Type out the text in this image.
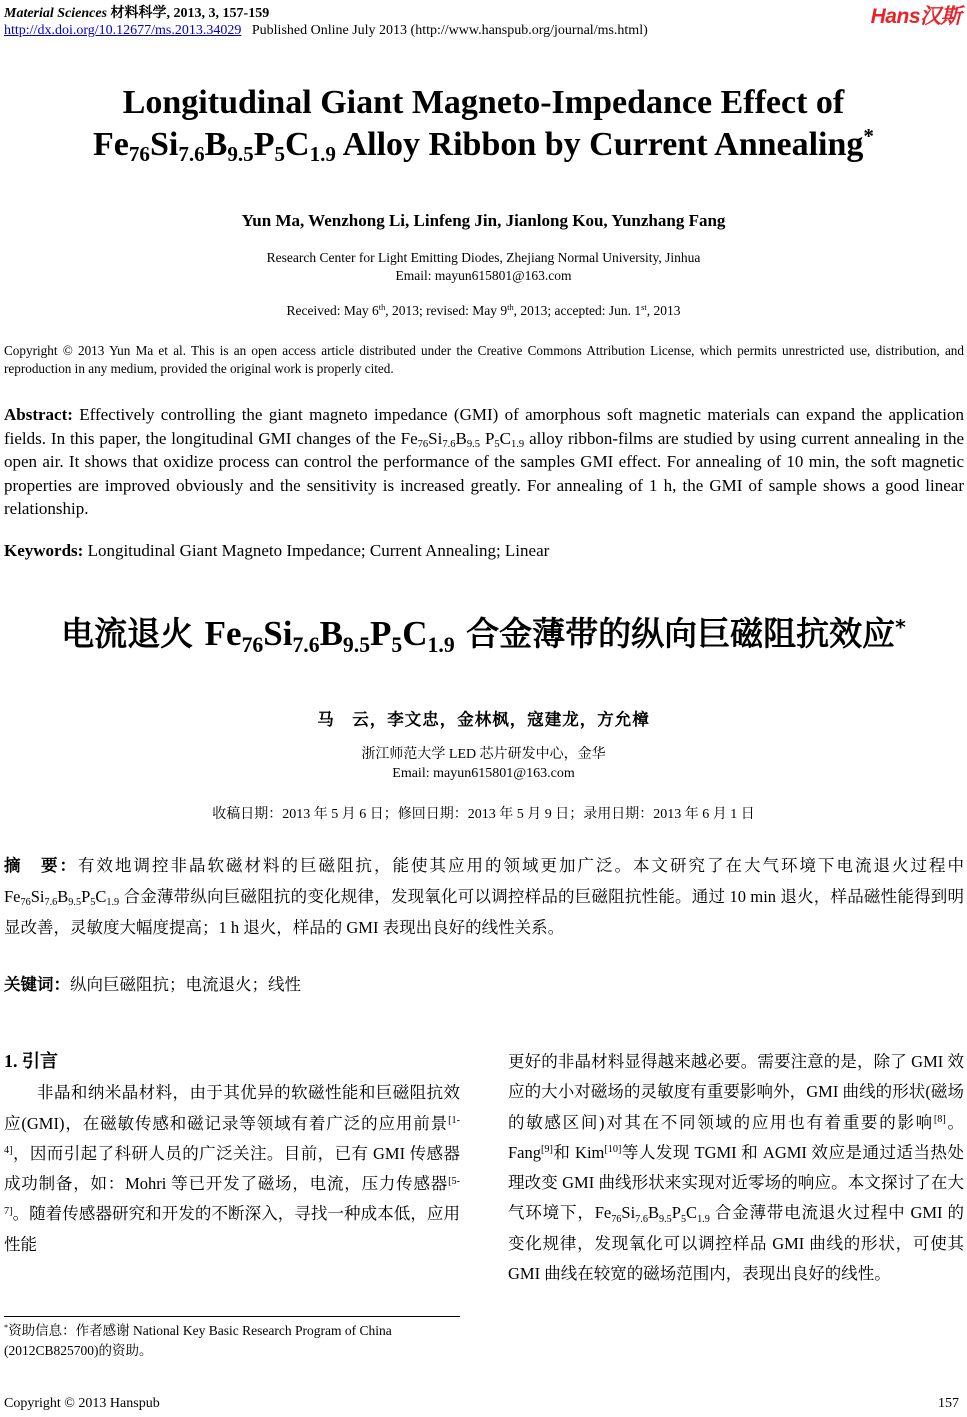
Material Sciences 材料科学, 2013, 3, 157-159
http://dx.doi.org/10.12677/ms.2013.34029 Published Online July 2013 (http://www.hanspub.org/journal/ms.html)
Hans汉斯
Longitudinal Giant Magneto-Impedance Effect of
Fe76Si7.6B9.5P5C1.9 Alloy Ribbon by Current Annealing*
Yun Ma, Wenzhong Li, Linfeng Jin, Jianlong Kou, Yunzhang Fang
Research Center for Light Emitting Diodes, Zhejiang Normal University, Jinhua
Email: mayun615801@163.com
Received: May 6th, 2013; revised: May 9th, 2013; accepted: Jun. 1st, 2013
Copyright © 2013 Yun Ma et al. This is an open access article distributed under the Creative Commons Attribution License, which permits unrestricted use, distribution, and reproduction in any medium, provided the original work is properly cited.
Abstract: Effectively controlling the giant magneto impedance (GMI) of amorphous soft magnetic materials can expand the application fields. In this paper, the longitudinal GMI changes of the Fe76Si7.6B9.5 P5C1.9 alloy ribbon-films are studied by using current annealing in the open air. It shows that oxidize process can control the performance of the samples GMI effect. For annealing of 10 min, the soft magnetic properties are improved obviously and the sensitivity is increased greatly. For annealing of 1 h, the GMI of sample shows a good linear relationship.
Keywords: Longitudinal Giant Magneto Impedance; Current Annealing; Linear
电流退火 Fe76Si7.6B9.5P5C1.9 合金薄带的纵向巨磁阻抗效应*
马　云，李文忠，金林枫，寇建龙，方允樟
浙江师范大学 LED 芯片研发中心，金华
Email: mayun615801@163.com
收稿日期：2013 年 5 月 6 日；修回日期：2013 年 5 月 9 日；录用日期：2013 年 6 月 1 日
摘　要：有效地调控非晶软磁材料的巨磁阻抗，能使其应用的领域更加广泛。本文研究了在大气环境下电流退火过程中 Fe76Si7.6B9.5P5C1.9 合金薄带纵向巨磁阻抗的变化规律，发现氧化可以调控样品的巨磁阻抗性能。通过 10 min 退火，样品磁性能得到明显改善，灵敏度大幅度提高；1 h 退火，样品的 GMI 表现出良好的线性关系。
关键词：纵向巨磁阻抗；电流退火；线性
1. 引言
非晶和纳米晶材料，由于其优异的软磁性能和巨磁阻抗效应(GMI)，在磁敏传感和磁记录等领域有着广泛的应用前景[1-4]，因而引起了科研人员的广泛关注。目前，已有 GMI 传感器成功制备，如：Mohri 等已开发了磁场，电流，压力传感器[5-7]。随着传感器研究和开发的不断深入，寻找一种成本低，应用性能
更好的非晶材料显得越来越必要。需要注意的是，除了 GMI 效应的大小对磁场的灵敏度有重要影响外，GMI 曲线的形状(磁场的敏感区间)对其在不同领域的应用也有着重要的影响[8]。Fang[9]和 Kim[10]等人发现 TGMI 和 AGMI 效应是通过适当热处理改变 GMI 曲线形状来实现对近零场的响应。本文探讨了在大气环境下，Fe76Si7.6B9.5P5C1.9 合金薄带电流退火过程中 GMI 的变化规律，发现氧化可以调控样品 GMI 曲线的形状，可使其 GMI 曲线在较宽的磁场范围内，表现出良好的线性。
*资助信息：作者感谢 National Key Basic Research Program of China (2012CB825700)的资助。
Copyright © 2013 Hanspub	157
